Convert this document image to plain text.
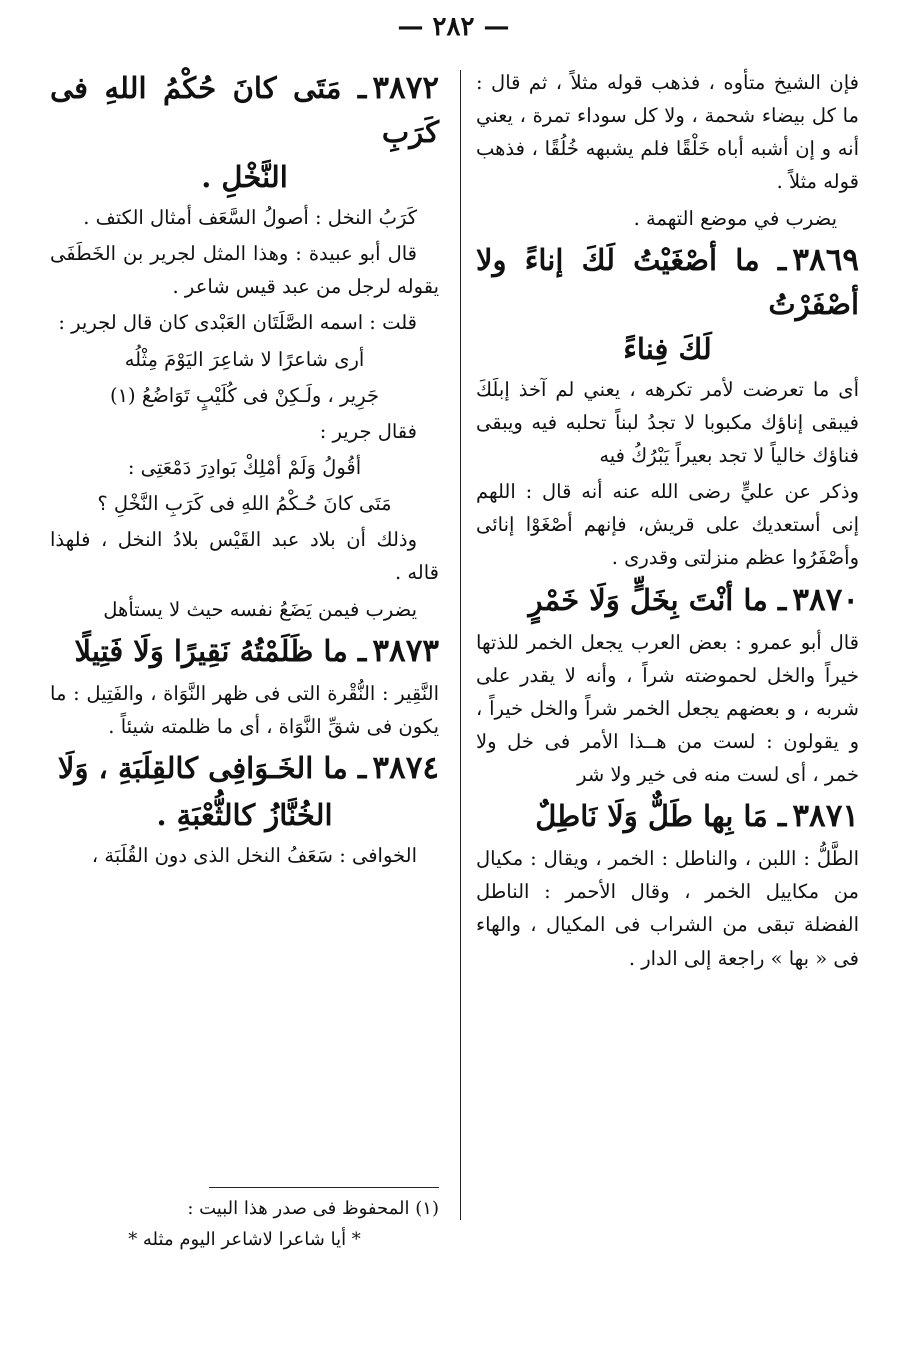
— ٢٨٢ —

فإن الشيخ متأوه ، فذهب قوله مثلاً ، ثم قال : ما كل بيضاء شحمة ، ولا كل سوداء تمرة ، يعني أنه و إن أشبه أباه خَلْقًا فلم يشبهه خُلُقًا ، فذهب قوله مثلاً .

يضرب في موضع التهمة .

٣٨٦٩ـ ما أصْغَيْتُ لَكَ إناءً ولا أصْفَرْتُ

لَكَ فِناءً

أى ما تعرضت لأمر تكرهه ، يعني لم آخذ إبلَكَ فيبقى إناؤك مكبوبا لا تجدُ لبناً تحلبه فيه ويبقى فناؤك خالياً لا تجد بعيراً يَبْرُكُ فيه

وذكر عن عليٍّ رضى الله عنه أنه قال : اللهم إنى أستعديك على قريش، فإنهم أصْغَوْا إنائى وأصْفَرُوا عظم منزلتى وقدرى .

٣٨٧٠ـ ما أنْتَ بِخَلٍّ وَلَا خَمْرٍ

قال أبو عمرو : بعض العرب يجعل الخمر للذتها خيراً والخل لحموضته شراً ، وأنه لا يقدر على شربه ، و بعضهم يجعل الخمر شراً والخل خيراً ، و يقولون : لست من هــذا الأمر فى خل ولا خمر ، أى لست منه فى خير ولا شر

٣٨٧١ـ مَا بِها طَلٌّ وَلَا نَاطِلٌ

الطَّلُّ : اللبن ، والناطل : الخمر ، ويقال : مكيال من مكاييل الخمر ، وقال الأحمر : الناطل الفضلة تبقى من الشراب فى المكيال ، والهاء فى « بها » راجعة إلى الدار .

٣٨٧٢ـ مَتَى كانَ حُكْمُ اللهِ فى كَرَبِ

النَّخْلِ .

كَرَبُ النخل : أصولُ السَّعَف أمثال الكتف .

قال أبو عبيدة : وهذا المثل لجرير بن الخَطَفَى يقوله لرجل من عبد قيس شاعر .

قلت : اسمه الصَّلَتَان العَبْدى كان قال لجرير :

أرى شاعرًا لا شاعِرَ اليَوْمَ مِثْلُه

جَرِير ، ولَـكِنْ فى كُلَيْبٍ تَوَاضُعُ (١)

فقال جرير :

أقُولُ وَلَمْ أمْلِكْ بَوادِرَ دَمْعَتِى :

مَتَى كانَ حُـكْمُ اللهِ فى كَرَبِ النَّخْلِ ؟

وذلك أن بلاد عبد القَيْس بلادُ النخل ، فلهذا قاله .

يضرب فيمن يَضَعُ نفسه حيث لا يستأهل

٣٨٧٣ـ ما ظَلَمْتُهُ نَقِيرًا وَلَا فَتِيلًا

النَّقِير : النُّقْرة التى فى ظهر النَّوَاة ، والفَتِيل : ما يكون فى شقِّ النَّوَاة ، أى ما ظلمته شيئاً .

٣٨٧٤ـ ما الخَـوَافِى كالقِلَبَةِ ، وَلَا

الخُنَّازُ كالثُّعْبَةِ .

الخوافى : سَعَفُ النخل الذى دون القُلَبَة ،

(١) المحفوظ فى صدر هذا البيت :

* أيا شاعرا لاشاعر اليوم مثله *
